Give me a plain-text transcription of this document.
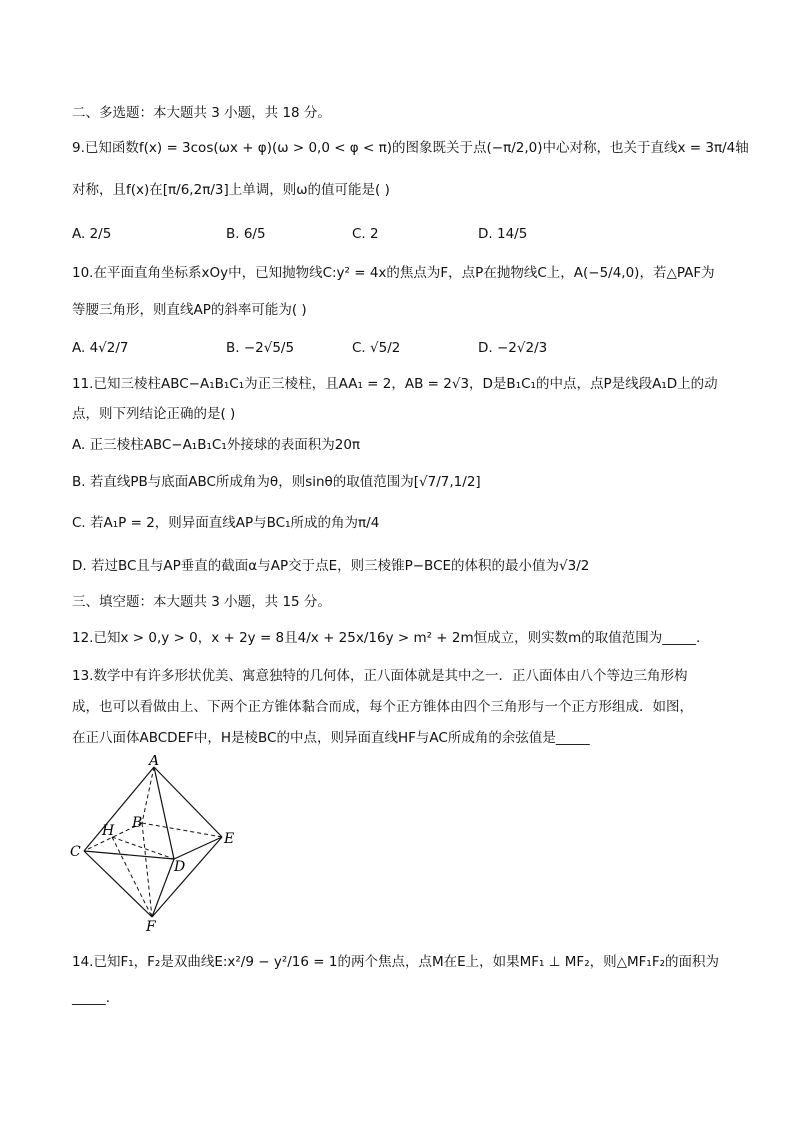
二、多选题：本大题共 3 小题，共 18 分。
9.已知函数f(x) = 3cos(ωx + φ)(ω > 0,0 < φ < π)的图象既关于点(−π/2,0)中心对称，也关于直线x = 3π/4轴
对称，且f(x)在[π/6,2π/3]上单调，则ω的值可能是( )
A. 2/5	B. 6/5	C. 2	D. 14/5
10.在平面直角坐标系xOy中，已知抛物线C:y² = 4x的焦点为F，点P在抛物线C上，A(−5/4,0)，若△PAF为
等腰三角形，则直线AP的斜率可能为( )
A. 4√2/7	B. −2√5/5	C. √5/2	D. −2√2/3
11.已知三棱柱ABC−A₁B₁C₁为正三棱柱，且AA₁ = 2，AB = 2√3，D是B₁C₁的中点，点P是线段A₁D上的动
点，则下列结论正确的是( )
A. 正三棱柱ABC−A₁B₁C₁外接球的表面积为20π
B. 若直线PB与底面ABC所成角为θ，则sinθ的取值范围为[√7/7,1/2]
C. 若A₁P = 2，则异面直线AP与BC₁所成的角为π/4
D. 若过BC且与AP垂直的截面α与AP交于点E，则三棱锥P−BCE的体积的最小值为√3/2
三、填空题：本大题共 3 小题，共 15 分。
12.已知x > 0,y > 0，x + 2y = 8且4/x + 25x/16y > m² + 2m恒成立，则实数m的取值范围为_____.
13.数学中有许多形状优美、寓意独特的几何体，正八面体就是其中之一．正八面体由八个等边三角形构
成，也可以看做由上、下两个正方锥体黏合而成，每个正方锥体由四个三角形与一个正方形组成．如图，
在正八面体ABCDEF中，H是棱BC的中点，则异面直线HF与AC所成角的余弦值是_____
A
B
C
D
E
F
H
14.已知F₁，F₂是双曲线E:x²/9 − y²/16 = 1的两个焦点，点M在E上，如果MF₁ ⊥ MF₂，则△MF₁F₂的面积为
_____.
